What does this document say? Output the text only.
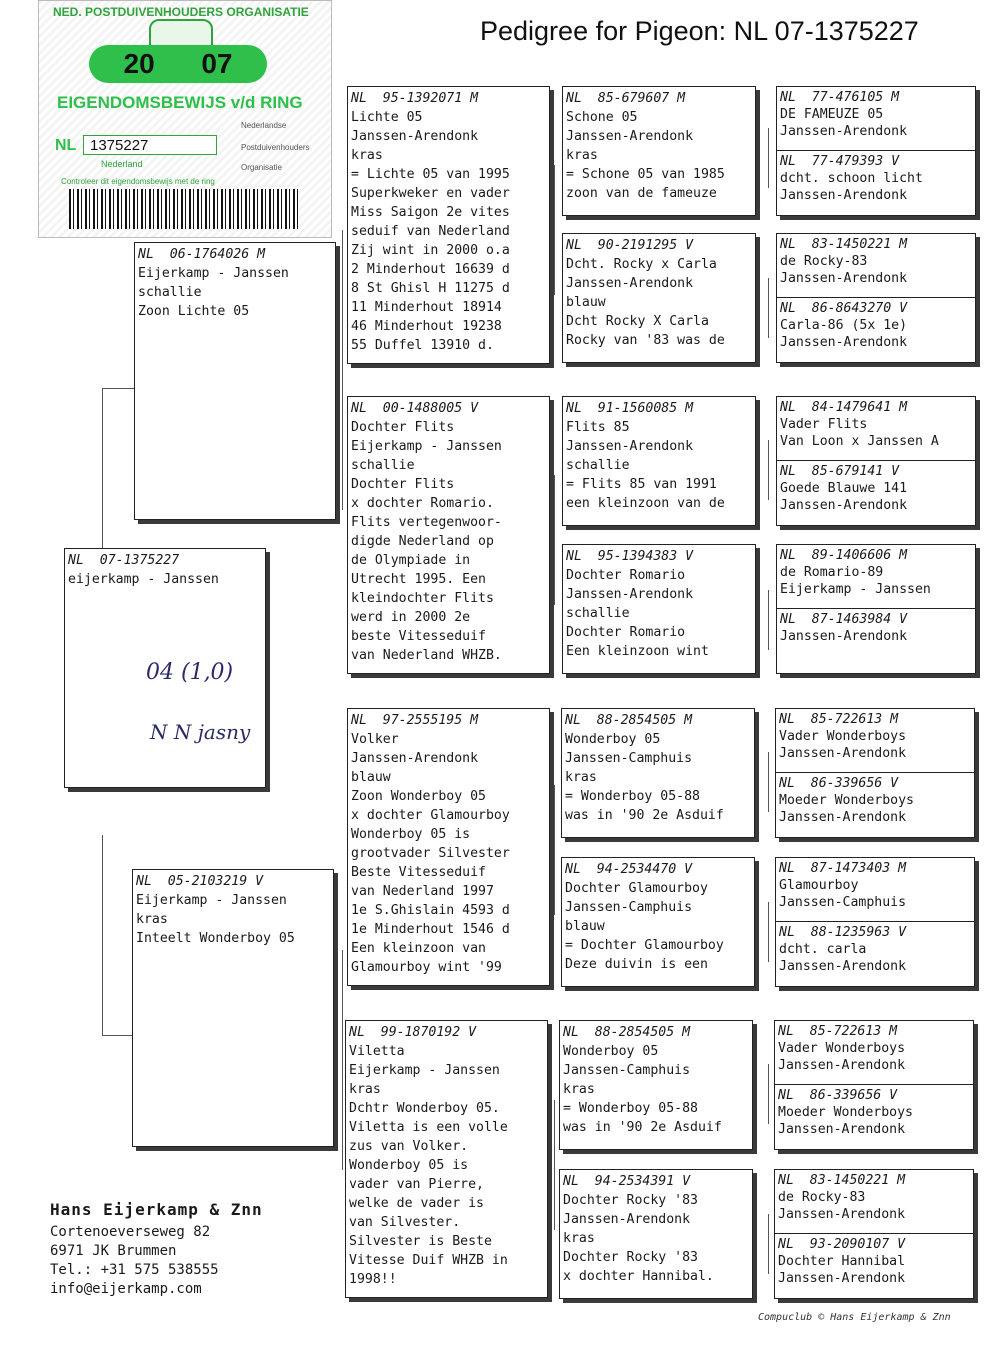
Pedigree for Pigeon: NL 07-1375227
NED. POSTDUIVENHOUDERS ORGANISATIE
20 07
EIGENDOMSBEWIJS v/d RING
NL 1375227
Nederland
Nederlandse
Postduivenhouders
Organisatie
Controleer dit eigendomsbewijs met de ring
NL  07-1375227
eijerkamp - Janssen
04 (1,0)
N N jasny
NL  06-1764026 M
Eijerkamp - Janssen
schallie
Zoon Lichte 05
NL  05-2103219 V
Eijerkamp - Janssen
kras
Inteelt Wonderboy 05
NL  95-1392071 M
Lichte 05
Janssen-Arendonk
kras
= Lichte 05 van 1995
Superkweker en vader
Miss Saigon 2e vites
seduif van Nederland
Zij wint in 2000 o.a
2 Minderhout 16639 d
8 St Ghisl H 11275 d
11 Minderhout 18914
46 Minderhout 19238
55 Duffel 13910 d.
NL  00-1488005 V
Dochter Flits
Eijerkamp - Janssen
schallie
Dochter Flits
x dochter Romario.
Flits vertegenwoor-
digde Nederland op
de Olympiade in
Utrecht 1995. Een
kleindochter Flits
werd in 2000 2e
beste Vitesseduif
van Nederland WHZB.
NL  97-2555195 M
Volker
Janssen-Arendonk
blauw
Zoon Wonderboy 05
x dochter Glamourboy
Wonderboy 05 is
grootvader Silvester
Beste Vitesseduif
van Nederland 1997
1e S.Ghislain 4593 d
1e Minderhout 1546 d
Een kleinzoon van
Glamourboy wint '99
NL  99-1870192 V
Viletta
Eijerkamp - Janssen
kras
Dchtr Wonderboy 05.
Viletta is een volle
zus van Volker.
Wonderboy 05 is
vader van Pierre,
welke de vader is
van Silvester.
Silvester is Beste
Vitesse Duif WHZB in
1998!!
NL  85-679607 M
Schone 05
Janssen-Arendonk
kras
= Schone 05 van 1985
zoon van de fameuze
NL  90-2191295 V
Dcht. Rocky x Carla
Janssen-Arendonk
blauw
Dcht Rocky X Carla
Rocky van '83 was de
NL  91-1560085 M
Flits 85
Janssen-Arendonk
schallie
= Flits 85 van 1991
een kleinzoon van de
NL  95-1394383 V
Dochter Romario
Janssen-Arendonk
schallie
Dochter Romario
Een kleinzoon wint
NL  88-2854505 M
Wonderboy 05
Janssen-Camphuis
kras
= Wonderboy 05-88
was in '90 2e Asduif
NL  94-2534470 V
Dochter Glamourboy
Janssen-Camphuis
blauw
= Dochter Glamourboy
Deze duivin is een
NL  88-2854505 M
Wonderboy 05
Janssen-Camphuis
kras
= Wonderboy 05-88
was in '90 2e Asduif
NL  94-2534391 V
Dochter Rocky '83
Janssen-Arendonk
kras
Dochter Rocky '83
x dochter Hannibal.
NL  77-476105 M
DE FAMEUZE 05
Janssen-Arendonk
NL  77-479393 V
dcht. schoon licht
Janssen-Arendonk
NL  83-1450221 M
de Rocky-83
Janssen-Arendonk
NL  86-8643270 V
Carla-86 (5x 1e)
Janssen-Arendonk
NL  84-1479641 M
Vader Flits
Van Loon x Janssen A
NL  85-679141 V
Goede Blauwe 141
Janssen-Arendonk
NL  89-1406606 M
de Romario-89
Eijerkamp - Janssen
NL  87-1463984 V
Janssen-Arendonk
NL  85-722613 M
Vader Wonderboys
Janssen-Arendonk
NL  86-339656 V
Moeder Wonderboys
Janssen-Arendonk
NL  87-1473403 M
Glamourboy
Janssen-Camphuis
NL  88-1235963 V
dcht. carla
Janssen-Arendonk
NL  85-722613 M
Vader Wonderboys
Janssen-Arendonk
NL  86-339656 V
Moeder Wonderboys
Janssen-Arendonk
NL  83-1450221 M
de Rocky-83
Janssen-Arendonk
NL  93-2090107 V
Dochter Hannibal
Janssen-Arendonk
Hans Eijerkamp & Znn
Cortenoeverseweg 82
6971 JK Brummen
Tel.: +31 575 538555
info@eijerkamp.com
Compuclub © Hans Eijerkamp & Znn
